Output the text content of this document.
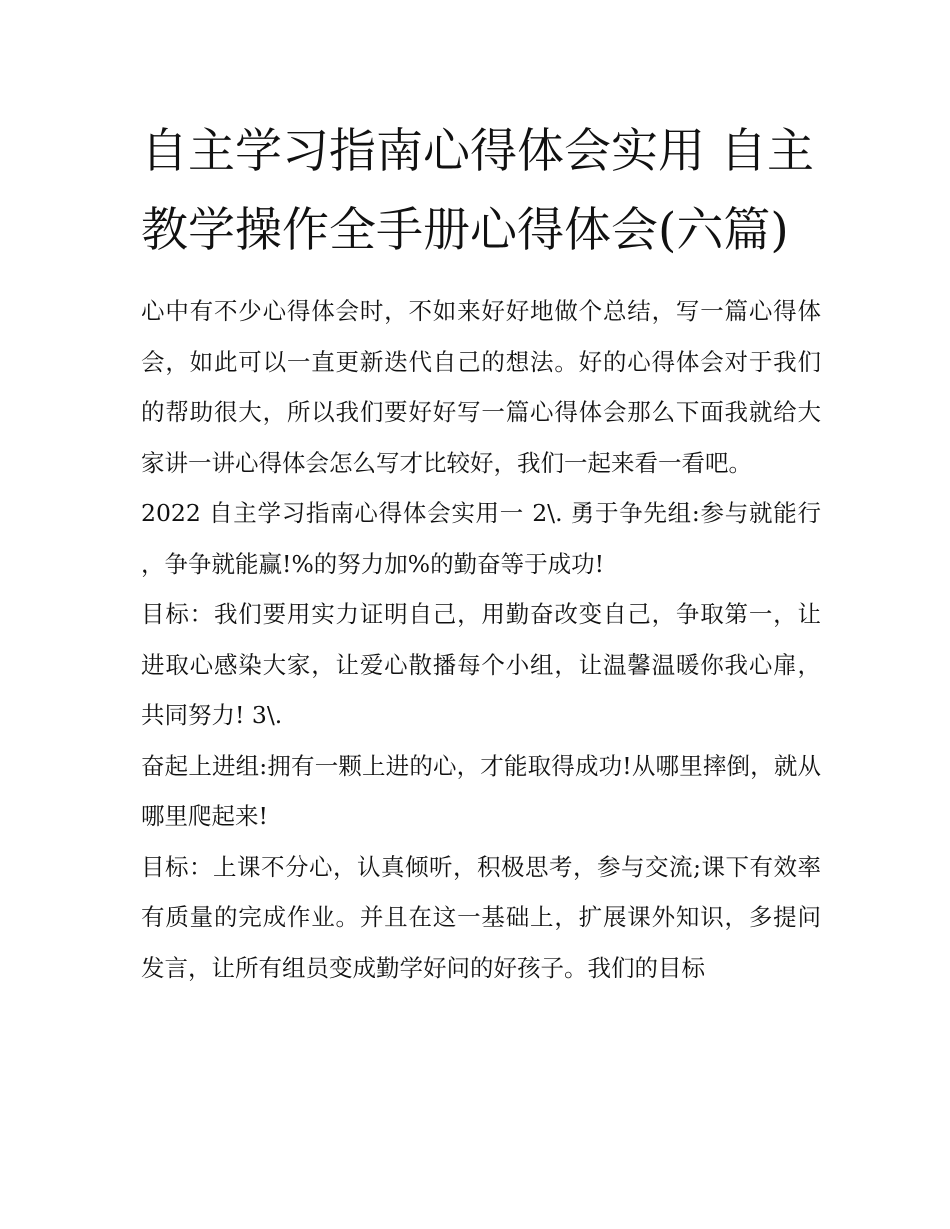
自主学习指南心得体会实用 自主教学操作全手册心得体会(六篇)

心中有不少心得体会时，不如来好好地做个总结，写一篇心得体会，如此可以一直更新迭代自己的想法。好的心得体会对于我们的帮助很大，所以我们要好好写一篇心得体会那么下面我就给大家讲一讲心得体会怎么写才比较好，我们一起来看一看吧。

2022 自主学习指南心得体会实用一 2\. 勇于争先组:参与就能行 ，争争就能赢!%的努力加%的勤奋等于成功!

目标：我们要用实力证明自己，用勤奋改变自己，争取第一，让进取心感染大家，让爱心散播每个小组，让温馨温暖你我心扉，共同努力! 3\.

奋起上进组:拥有一颗上进的心，才能取得成功!从哪里摔倒，就从哪里爬起来!

目标：上课不分心，认真倾听，积极思考，参与交流;课下有效率有质量的完成作业。并且在这一基础上，扩展课外知识，多提问发言，让所有组员变成勤学好问的好孩子。我们的目标
